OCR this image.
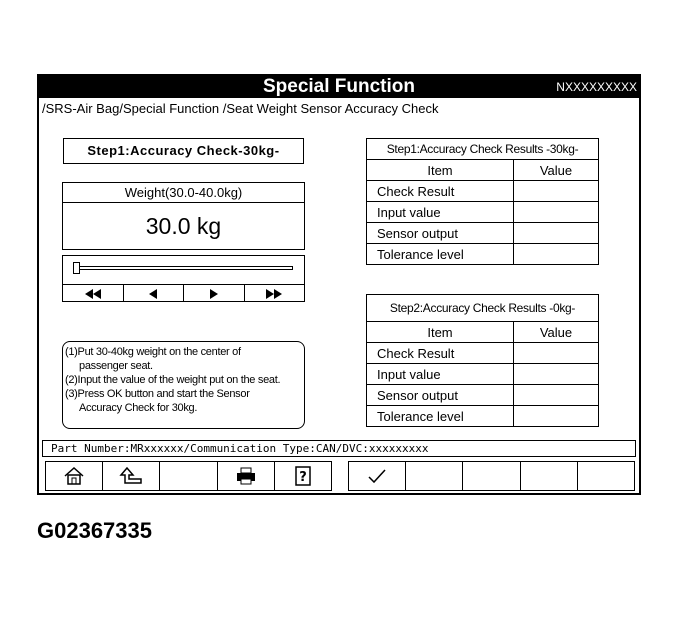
Special Function	NXXXXXXXXX
/SRS-Air Bag/Special Function /Seat Weight Sensor Accuracy Check
Step1:Accuracy Check-30kg-
Weight(30.0-40.0kg)
30.0 kg
(1)Put 30-40kg weight on the center of
passenger seat.
(2)Input the value of the weight put on the seat.
(3)Press OK button and start the Sensor
Accuracy Check for 30kg.
Step1:Accuracy Check Results -30kg-	
Item	Value
Check Result	
Input value	
Sensor output	
Tolerance level	
Step2:Accuracy Check Results -0kg-	
Item	Value
Check Result	
Input value	
Sensor output	
Tolerance level	
Part Number:MRxxxxxx/Communication Type:CAN/DVC:xxxxxxxxx
?
G02367335
